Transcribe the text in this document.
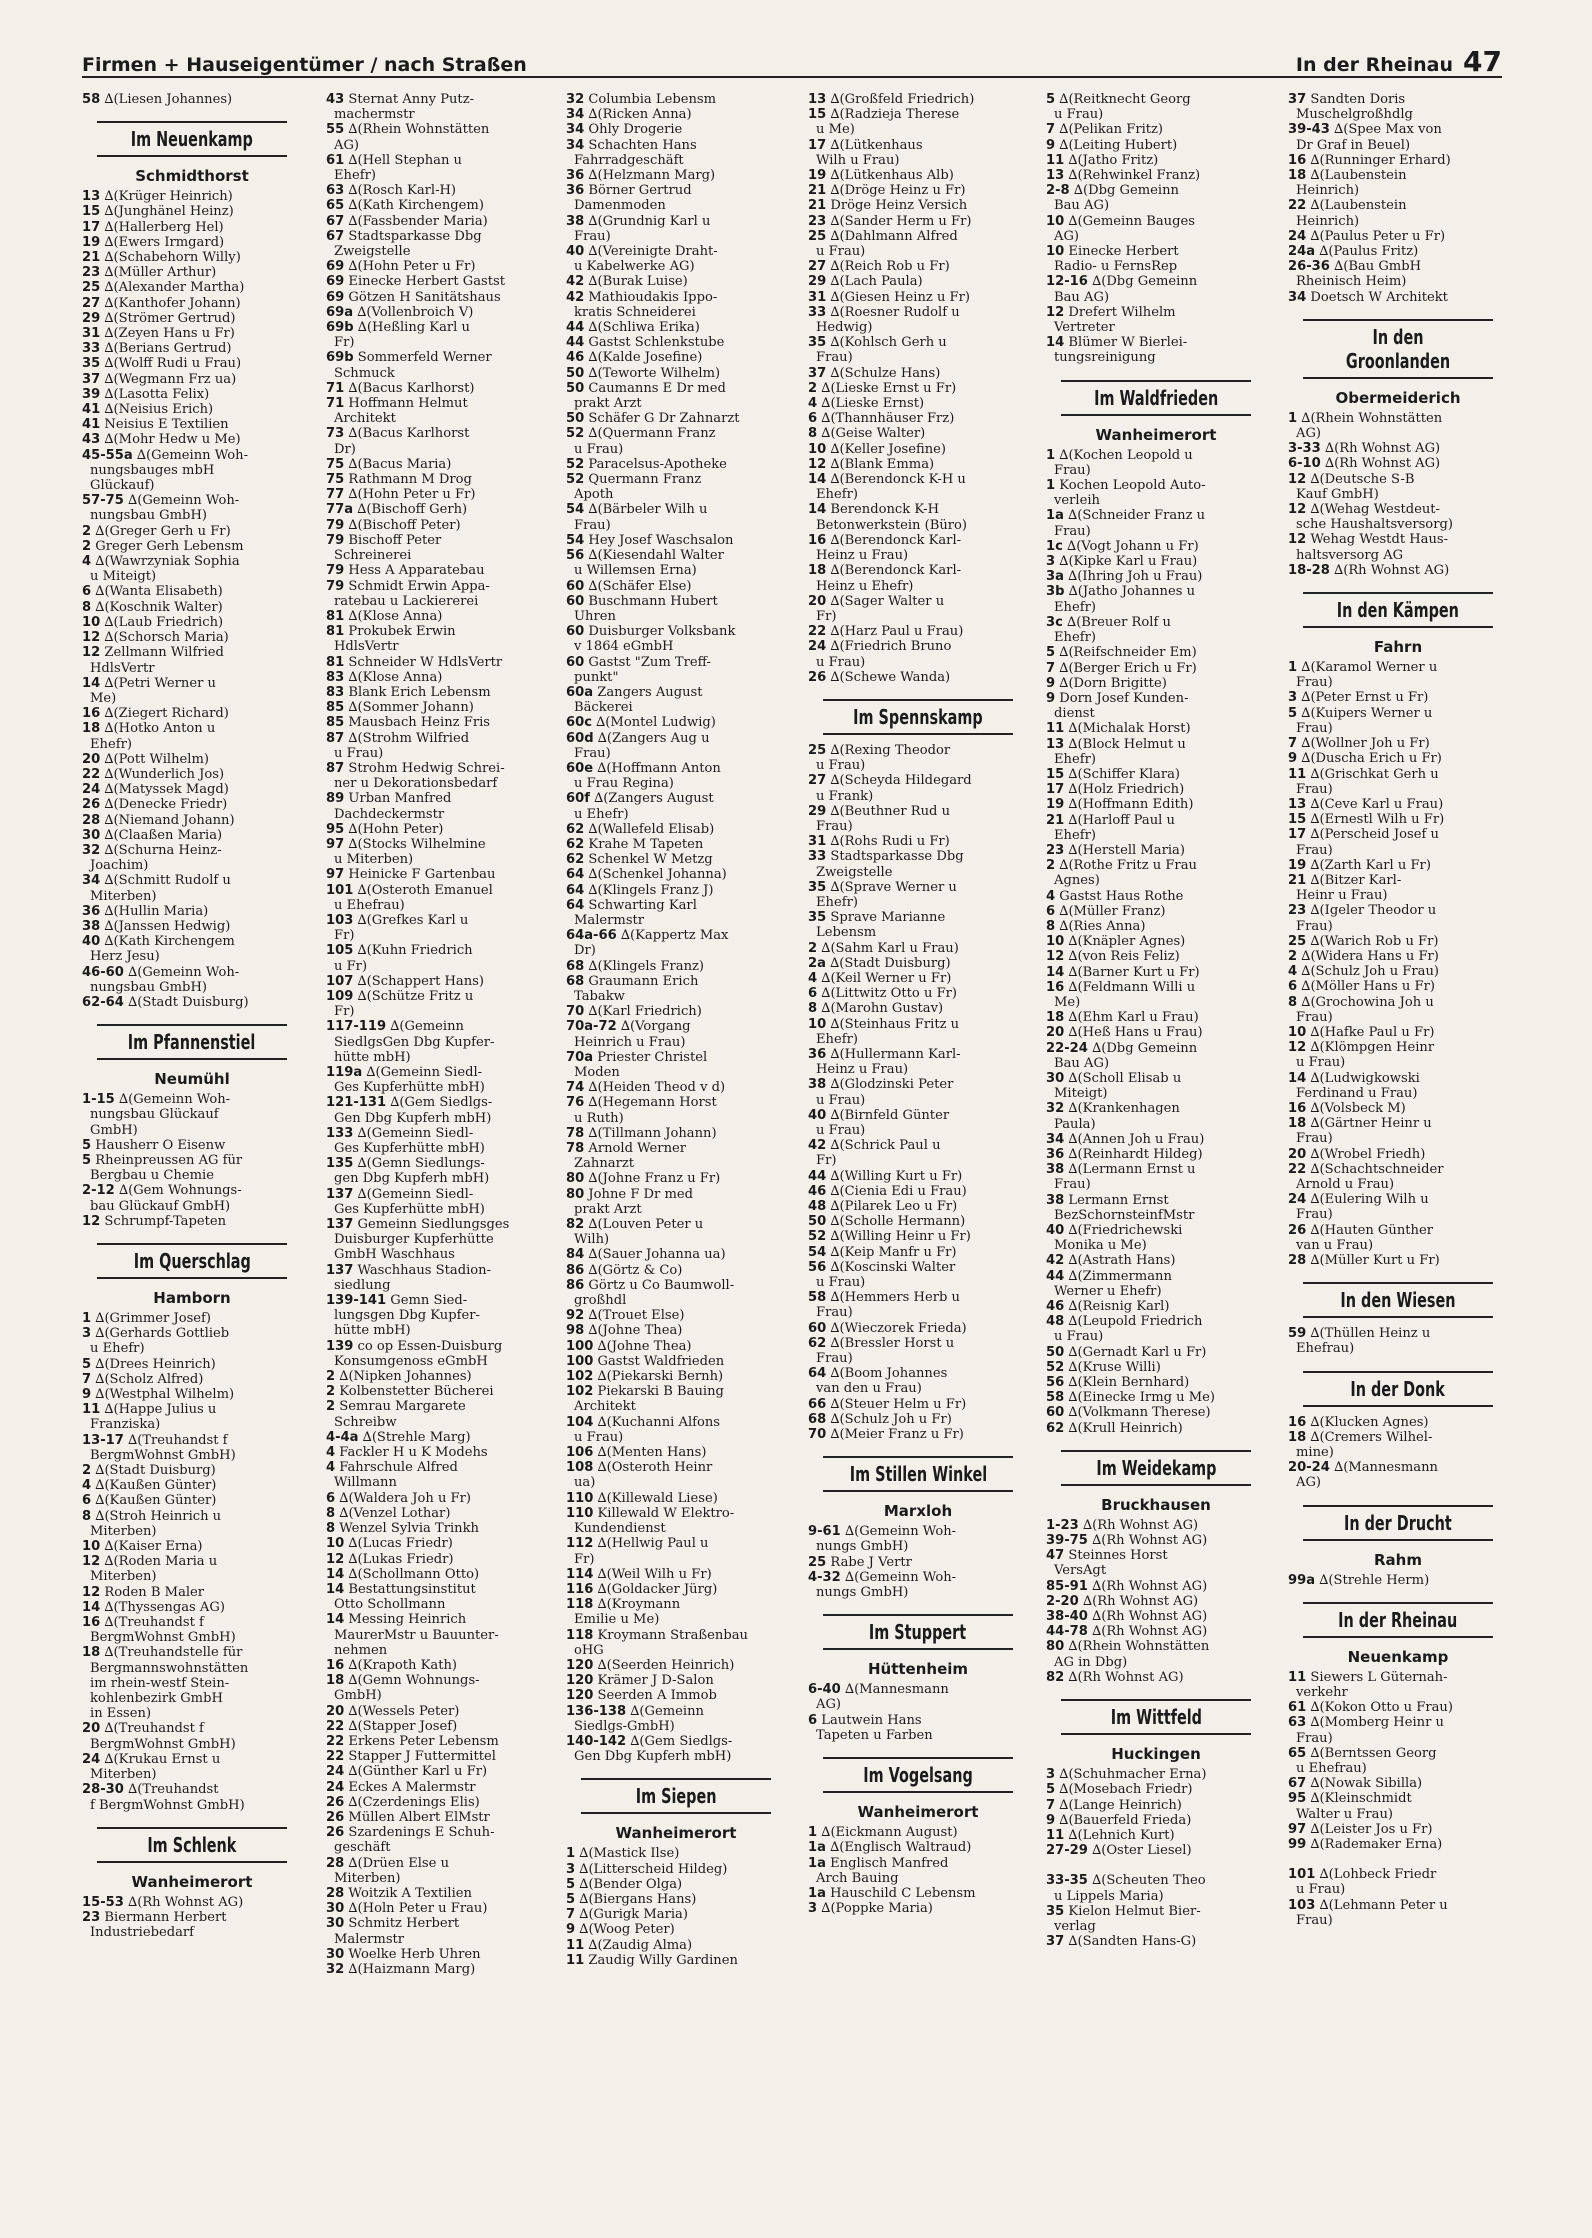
Firmen + Hauseigentümer / nach Straßen	In der Rheinau 47
58 ∆(Liesen Johannes)
Im Neuenkamp
Schmidthorst
13 ∆(Krüger Heinrich)
15 ∆(Junghänel Heinz)
17 ∆(Hallerberg Hel)
19 ∆(Ewers Irmgard)
21 ∆(Schabehorn Willy)
23 ∆(Müller Arthur)
25 ∆(Alexander Martha)
27 ∆(Kanthofer Johann)
29 ∆(Strömer Gertrud)
31 ∆(Zeyen Hans u Fr)
33 ∆(Berians Gertrud)
35 ∆(Wolff Rudi u Frau)
37 ∆(Wegmann Frz ua)
39 ∆(Lasotta Felix)
41 ∆(Neisius Erich)
41 Neisius E Textilien
43 ∆(Mohr Hedw u Me)
45-55a ∆(Gemeinn Woh-
nungsbauges mbH
Glückauf)
57-75 ∆(Gemeinn Woh-
nungsbau GmbH)
2 ∆(Greger Gerh u Fr)
2 Greger Gerh Lebensm
4 ∆(Wawrzyniak Sophia
u Miteigt)
6 ∆(Wanta Elisabeth)
8 ∆(Koschnik Walter)
10 ∆(Laub Friedrich)
12 ∆(Schorsch Maria)
12 Zellmann Wilfried
HdlsVertr
14 ∆(Petri Werner u
Me)
16 ∆(Ziegert Richard)
18 ∆(Hotko Anton u
Ehefr)
20 ∆(Pott Wilhelm)
22 ∆(Wunderlich Jos)
24 ∆(Matyssek Magd)
26 ∆(Denecke Friedr)
28 ∆(Niemand Johann)
30 ∆(Claaßen Maria)
32 ∆(Schurna Heinz-
Joachim)
34 ∆(Schmitt Rudolf u
Miterben)
36 ∆(Hullin Maria)
38 ∆(Janssen Hedwig)
40 ∆(Kath Kirchengem
Herz Jesu)
46-60 ∆(Gemeinn Woh-
nungsbau GmbH)
62-64 ∆(Stadt Duisburg)
Im Pfannenstiel
Neumühl
1-15 ∆(Gemeinn Woh-
nungsbau Glückauf
GmbH)
5 Hausherr O Eisenw
5 Rheinpreussen AG für
Bergbau u Chemie
2-12 ∆(Gem Wohnungs-
bau Glückauf GmbH)
12 Schrumpf-Tapeten
Im Querschlag
Hamborn
1 ∆(Grimmer Josef)
3 ∆(Gerhards Gottlieb
u Ehefr)
5 ∆(Drees Heinrich)
7 ∆(Scholz Alfred)
9 ∆(Westphal Wilhelm)
11 ∆(Happe Julius u
Franziska)
13-17 ∆(Treuhandst f
BergmWohnst GmbH)
2 ∆(Stadt Duisburg)
4 ∆(Kaußen Günter)
6 ∆(Kaußen Günter)
8 ∆(Stroh Heinrich u
Miterben)
10 ∆(Kaiser Erna)
12 ∆(Roden Maria u
Miterben)
12 Roden B Maler
14 ∆(Thyssengas AG)
16 ∆(Treuhandst f
BergmWohnst GmbH)
18 ∆(Treuhandstelle für
Bergmannswohnstätten
im rhein-westf Stein-
kohlenbezirk GmbH
in Essen)
20 ∆(Treuhandst f
BergmWohnst GmbH)
24 ∆(Krukau Ernst u
Miterben)
28-30 ∆(Treuhandst
f BergmWohnst GmbH)
Im Schlenk
Wanheimerort
15-53 ∆(Rh Wohnst AG)
23 Biermann Herbert
Industriebedarf
43 Sternat Anny Putz-
machermstr
55 ∆(Rhein Wohnstätten
AG)
61 ∆(Hell Stephan u
Ehefr)
63 ∆(Rosch Karl-H)
65 ∆(Kath Kirchengem)
67 ∆(Fassbender Maria)
67 Stadtsparkasse Dbg
Zweigstelle
69 ∆(Hohn Peter u Fr)
69 Einecke Herbert Gastst
69 Götzen H Sanitätshaus
69a ∆(Vollenbroich V)
69b ∆(Heßling Karl u
Fr)
69b Sommerfeld Werner
Schmuck
71 ∆(Bacus Karlhorst)
71 Hoffmann Helmut
Architekt
73 ∆(Bacus Karlhorst
Dr)
75 ∆(Bacus Maria)
75 Rathmann M Drog
77 ∆(Hohn Peter u Fr)
77a ∆(Bischoff Gerh)
79 ∆(Bischoff Peter)
79 Bischoff Peter
Schreinerei
79 Hess A Apparatebau
79 Schmidt Erwin Appa-
ratebau u Lackiererei
81 ∆(Klose Anna)
81 Prokubek Erwin
HdlsVertr
81 Schneider W HdlsVertr
83 ∆(Klose Anna)
83 Blank Erich Lebensm
85 ∆(Sommer Johann)
85 Mausbach Heinz Fris
87 ∆(Strohm Wilfried
u Frau)
87 Strohm Hedwig Schrei-
ner u Dekorationsbedarf
89 Urban Manfred
Dachdeckermstr
95 ∆(Hohn Peter)
97 ∆(Stocks Wilhelmine
u Miterben)
97 Heinicke F Gartenbau
101 ∆(Osteroth Emanuel
u Ehefrau)
103 ∆(Grefkes Karl u
Fr)
105 ∆(Kuhn Friedrich
u Fr)
107 ∆(Schappert Hans)
109 ∆(Schütze Fritz u
Fr)
117-119 ∆(Gemeinn
SiedlgsGen Dbg Kupfer-
hütte mbH)
119a ∆(Gemeinn Siedl-
Ges Kupferhütte mbH)
121-131 ∆(Gem Siedlgs-
Gen Dbg Kupferh mbH)
133 ∆(Gemeinn Siedl-
Ges Kupferhütte mbH)
135 ∆(Gemn Siedlungs-
gen Dbg Kupferh mbH)
137 ∆(Gemeinn Siedl-
Ges Kupferhütte mbH)
137 Gemeinn Siedlungsges
Duisburger Kupferhütte
GmbH Waschhaus
137 Waschhaus Stadion-
siedlung
139-141 Gemn Sied-
lungsgen Dbg Kupfer-
hütte mbH)
139 co op Essen-Duisburg
Konsumgenoss eGmbH
2 ∆(Nipken Johannes)
2 Kolbenstetter Bücherei
2 Semrau Margarete
Schreibw
4-4a ∆(Strehle Marg)
4 Fackler H u K Modehs
4 Fahrschule Alfred
Willmann
6 ∆(Waldera Joh u Fr)
8 ∆(Venzel Lothar)
8 Wenzel Sylvia Trinkh
10 ∆(Lucas Friedr)
12 ∆(Lukas Friedr)
14 ∆(Schollmann Otto)
14 Bestattungsinstitut
Otto Schollmann
14 Messing Heinrich
MaurerMstr u Bauunter-
nehmen
16 ∆(Krapoth Kath)
18 ∆(Gemn Wohnungs-
GmbH)
20 ∆(Wessels Peter)
22 ∆(Stapper Josef)
22 Erkens Peter Lebensm
22 Stapper J Futtermittel
24 ∆(Günther Karl u Fr)
24 Eckes A Malermstr
26 ∆(Czerdenings Elis)
26 Müllen Albert ElMstr
26 Szardenings E Schuh-
geschäft
28 ∆(Drüen Else u
Miterben)
28 Woitzik A Textilien
30 ∆(Holn Peter u Frau)
30 Schmitz Herbert
Malermstr
30 Woelke Herb Uhren
32 ∆(Haizmann Marg)
32 Columbia Lebensm
34 ∆(Ricken Anna)
34 Ohly Drogerie
34 Schachten Hans
Fahrradgeschäft
36 ∆(Helzmann Marg)
36 Börner Gertrud
Damenmoden
38 ∆(Grundnig Karl u
Frau)
40 ∆(Vereinigte Draht-
u Kabelwerke AG)
42 ∆(Burak Luise)
42 Mathioudakis Ippo-
kratis Schneiderei
44 ∆(Schliwa Erika)
44 Gastst Schlenkstube
46 ∆(Kalde Josefine)
50 ∆(Teworte Wilhelm)
50 Caumanns E Dr med
prakt Arzt
50 Schäfer G Dr Zahnarzt
52 ∆(Quermann Franz
u Frau)
52 Paracelsus-Apotheke
52 Quermann Franz
Apoth
54 ∆(Bärbeler Wilh u
Frau)
54 Hey Josef Waschsalon
56 ∆(Kiesendahl Walter
u Willemsen Erna)
60 ∆(Schäfer Else)
60 Buschmann Hubert
Uhren
60 Duisburger Volksbank
v 1864 eGmbH
60 Gastst "Zum Treff-
punkt"
60a Zangers August
Bäckerei
60c ∆(Montel Ludwig)
60d ∆(Zangers Aug u
Frau)
60e ∆(Hoffmann Anton
u Frau Regina)
60f ∆(Zangers August
u Ehefr)
62 ∆(Wallefeld Elisab)
62 Krahe M Tapeten
62 Schenkel W Metzg
64 ∆(Schenkel Johanna)
64 ∆(Klingels Franz J)
64 Schwarting Karl
Malermstr
64a-66 ∆(Kappertz Max
Dr)
68 ∆(Klingels Franz)
68 Graumann Erich
Tabakw
70 ∆(Karl Friedrich)
70a-72 ∆(Vorgang
Heinrich u Frau)
70a Priester Christel
Moden
74 ∆(Heiden Theod v d)
76 ∆(Hegemann Horst
u Ruth)
78 ∆(Tillmann Johann)
78 Arnold Werner
Zahnarzt
80 ∆(Johne Franz u Fr)
80 Johne F Dr med
prakt Arzt
82 ∆(Louven Peter u
Wilh)
84 ∆(Sauer Johanna ua)
86 ∆(Görtz & Co)
86 Görtz u Co Baumwoll-
großhdl
92 ∆(Trouet Else)
98 ∆(Johne Thea)
100 ∆(Johne Thea)
100 Gastst Waldfrieden
102 ∆(Piekarski Bernh)
102 Piekarski B Bauing
Architekt
104 ∆(Kuchanni Alfons
u Frau)
106 ∆(Menten Hans)
108 ∆(Osteroth Heinr
ua)
110 ∆(Killewald Liese)
110 Killewald W Elektro-
Kundendienst
112 ∆(Hellwig Paul u
Fr)
114 ∆(Weil Wilh u Fr)
116 ∆(Goldacker Jürg)
118 ∆(Kroymann
Emilie u Me)
118 Kroymann Straßenbau
oHG
120 ∆(Seerden Heinrich)
120 Krämer J D-Salon
120 Seerden A Immob
136-138 ∆(Gemeinn
Siedlgs-GmbH)
140-142 ∆(Gem Siedlgs-
Gen Dbg Kupferh mbH)
Im Siepen
Wanheimerort
1 ∆(Mastick Ilse)
3 ∆(Litterscheid Hildeg)
5 ∆(Bender Olga)
5 ∆(Biergans Hans)
7 ∆(Gurigk Maria)
9 ∆(Woog Peter)
11 ∆(Zaudig Alma)
11 Zaudig Willy Gardinen
13 ∆(Großfeld Friedrich)
15 ∆(Radzieja Therese
u Me)
17 ∆(Lütkenhaus
Wilh u Frau)
19 ∆(Lütkenhaus Alb)
21 ∆(Dröge Heinz u Fr)
21 Dröge Heinz Versich
23 ∆(Sander Herm u Fr)
25 ∆(Dahlmann Alfred
u Frau)
27 ∆(Reich Rob u Fr)
29 ∆(Lach Paula)
31 ∆(Giesen Heinz u Fr)
33 ∆(Roesner Rudolf u
Hedwig)
35 ∆(Kohlsch Gerh u
Frau)
37 ∆(Schulze Hans)
2 ∆(Lieske Ernst u Fr)
4 ∆(Lieske Ernst)
6 ∆(Thannhäuser Frz)
8 ∆(Geise Walter)
10 ∆(Keller Josefine)
12 ∆(Blank Emma)
14 ∆(Berendonck K-H u
Ehefr)
14 Berendonck K-H
Betonwerkstein (Büro)
16 ∆(Berendonck Karl-
Heinz u Frau)
18 ∆(Berendonck Karl-
Heinz u Ehefr)
20 ∆(Sager Walter u
Fr)
22 ∆(Harz Paul u Frau)
24 ∆(Friedrich Bruno
u Frau)
26 ∆(Schewe Wanda)
Im Spennskamp
25 ∆(Rexing Theodor
u Frau)
27 ∆(Scheyda Hildegard
u Frank)
29 ∆(Beuthner Rud u
Frau)
31 ∆(Rohs Rudi u Fr)
33 Stadtsparkasse Dbg
Zweigstelle
35 ∆(Sprave Werner u
Ehefr)
35 Sprave Marianne
Lebensm
2 ∆(Sahm Karl u Frau)
2a ∆(Stadt Duisburg)
4 ∆(Keil Werner u Fr)
6 ∆(Littwitz Otto u Fr)
8 ∆(Marohn Gustav)
10 ∆(Steinhaus Fritz u
Ehefr)
36 ∆(Hullermann Karl-
Heinz u Frau)
38 ∆(Glodzinski Peter
u Frau)
40 ∆(Birnfeld Günter
u Frau)
42 ∆(Schrick Paul u
Fr)
44 ∆(Willing Kurt u Fr)
46 ∆(Cienia Edi u Frau)
48 ∆(Pilarek Leo u Fr)
50 ∆(Scholle Hermann)
52 ∆(Willing Heinr u Fr)
54 ∆(Keip Manfr u Fr)
56 ∆(Koscinski Walter
u Frau)
58 ∆(Hemmers Herb u
Frau)
60 ∆(Wieczorek Frieda)
62 ∆(Bressler Horst u
Frau)
64 ∆(Boom Johannes
van den u Frau)
66 ∆(Steuer Helm u Fr)
68 ∆(Schulz Joh u Fr)
70 ∆(Meier Franz u Fr)
Im Stillen Winkel
Marxloh
9-61 ∆(Gemeinn Woh-
nungs GmbH)
25 Rabe J Vertr
4-32 ∆(Gemeinn Woh-
nungs GmbH)
Im Stuppert
Hüttenheim
6-40 ∆(Mannesmann
AG)
6 Lautwein Hans
Tapeten u Farben
Im Vogelsang
Wanheimerort
1 ∆(Eickmann August)
1a ∆(Englisch Waltraud)
1a Englisch Manfred
Arch Bauing
1a Hauschild C Lebensm
3 ∆(Poppke Maria)
5 ∆(Reitknecht Georg
u Frau)
7 ∆(Pelikan Fritz)
9 ∆(Leiting Hubert)
11 ∆(Jatho Fritz)
13 ∆(Rehwinkel Franz)
2-8 ∆(Dbg Gemeinn
Bau AG)
10 ∆(Gemeinn Bauges
AG)
10 Einecke Herbert
Radio- u FernsRep
12-16 ∆(Dbg Gemeinn
Bau AG)
12 Drefert Wilhelm
Vertreter
14 Blümer W Bierlei-
tungsreinigung
Im Waldfrieden
Wanheimerort
1 ∆(Kochen Leopold u
Frau)
1 Kochen Leopold Auto-
verleih
1a ∆(Schneider Franz u
Frau)
1c ∆(Vogt Johann u Fr)
3 ∆(Kipke Karl u Frau)
3a ∆(Ihring Joh u Frau)
3b ∆(Jatho Johannes u
Ehefr)
3c ∆(Breuer Rolf u
Ehefr)
5 ∆(Reifschneider Em)
7 ∆(Berger Erich u Fr)
9 ∆(Dorn Brigitte)
9 Dorn Josef Kunden-
dienst
11 ∆(Michalak Horst)
13 ∆(Block Helmut u
Ehefr)
15 ∆(Schiffer Klara)
17 ∆(Holz Friedrich)
19 ∆(Hoffmann Edith)
21 ∆(Harloff Paul u
Ehefr)
23 ∆(Herstell Maria)
2 ∆(Rothe Fritz u Frau
Agnes)
4 Gastst Haus Rothe
6 ∆(Müller Franz)
8 ∆(Ries Anna)
10 ∆(Knäpler Agnes)
12 ∆(von Reis Feliz)
14 ∆(Barner Kurt u Fr)
16 ∆(Feldmann Willi u
Me)
18 ∆(Ehm Karl u Frau)
20 ∆(Heß Hans u Frau)
22-24 ∆(Dbg Gemeinn
Bau AG)
30 ∆(Scholl Elisab u
Miteigt)
32 ∆(Krankenhagen
Paula)
34 ∆(Annen Joh u Frau)
36 ∆(Reinhardt Hildeg)
38 ∆(Lermann Ernst u
Frau)
38 Lermann Ernst
BezSchornsteinfMstr
40 ∆(Friedrichewski
Monika u Me)
42 ∆(Astrath Hans)
44 ∆(Zimmermann
Werner u Ehefr)
46 ∆(Reisnig Karl)
48 ∆(Leupold Friedrich
u Frau)
50 ∆(Gernadt Karl u Fr)
52 ∆(Kruse Willi)
56 ∆(Klein Bernhard)
58 ∆(Einecke Irmg u Me)
60 ∆(Volkmann Therese)
62 ∆(Krull Heinrich)
Im Weidekamp
Bruckhausen
1-23 ∆(Rh Wohnst AG)
39-75 ∆(Rh Wohnst AG)
47 Steinnes Horst
VersAgt
85-91 ∆(Rh Wohnst AG)
2-20 ∆(Rh Wohnst AG)
38-40 ∆(Rh Wohnst AG)
44-78 ∆(Rh Wohnst AG)
80 ∆(Rhein Wohnstätten
AG in Dbg)
82 ∆(Rh Wohnst AG)
Im Wittfeld
Huckingen
3 ∆(Schuhmacher Erna)
5 ∆(Mosebach Friedr)
7 ∆(Lange Heinrich)
9 ∆(Bauerfeld Frieda)
11 ∆(Lehnich Kurt)
27-29 ∆(Oster Liesel)
33-35 ∆(Scheuten Theo
u Lippels Maria)
35 Kielon Helmut Bier-
verlag
37 ∆(Sandten Hans-G)
37 Sandten Doris
Muschelgroßhdlg
39-43 ∆(Spee Max von
Dr Graf in Beuel)
16 ∆(Runninger Erhard)
18 ∆(Laubenstein
Heinrich)
22 ∆(Laubenstein
Heinrich)
24 ∆(Paulus Peter u Fr)
24a ∆(Paulus Fritz)
26-36 ∆(Bau GmbH
Rheinisch Heim)
34 Doetsch W Architekt
In den Groonlanden
Obermeiderich
1 ∆(Rhein Wohnstätten
AG)
3-33 ∆(Rh Wohnst AG)
6-10 ∆(Rh Wohnst AG)
12 ∆(Deutsche S-B
Kauf GmbH)
12 ∆(Wehag Westdeut-
sche Haushaltsversorg)
12 Wehag Westdt Haus-
haltsversorg AG
18-28 ∆(Rh Wohnst AG)
In den Kämpen
Fahrn
1 ∆(Karamol Werner u
Frau)
3 ∆(Peter Ernst u Fr)
5 ∆(Kuipers Werner u
Frau)
7 ∆(Wollner Joh u Fr)
9 ∆(Duscha Erich u Fr)
11 ∆(Grischkat Gerh u
Frau)
13 ∆(Ceve Karl u Frau)
15 ∆(Ernestl Wilh u Fr)
17 ∆(Perscheid Josef u
Frau)
19 ∆(Zarth Karl u Fr)
21 ∆(Bitzer Karl-
Heinr u Frau)
23 ∆(Igeler Theodor u
Frau)
25 ∆(Warich Rob u Fr)
2 ∆(Widera Hans u Fr)
4 ∆(Schulz Joh u Frau)
6 ∆(Möller Hans u Fr)
8 ∆(Grochowina Joh u
Frau)
10 ∆(Hafke Paul u Fr)
12 ∆(Klömpgen Heinr
u Frau)
14 ∆(Ludwigkowski
Ferdinand u Frau)
16 ∆(Volsbeck M)
18 ∆(Gärtner Heinr u
Frau)
20 ∆(Wrobel Friedh)
22 ∆(Schachtschneider
Arnold u Frau)
24 ∆(Eulering Wilh u
Frau)
26 ∆(Hauten Günther
van u Frau)
28 ∆(Müller Kurt u Fr)
In den Wiesen
59 ∆(Thüllen Heinz u
Ehefrau)
In der Donk
16 ∆(Klucken Agnes)
18 ∆(Cremers Wilhel-
mine)
20-24 ∆(Mannesmann
AG)
In der Drucht
Rahm
99a ∆(Strehle Herm)
In der Rheinau
Neuenkamp
11 Siewers L Güternah-
verkehr
61 ∆(Kokon Otto u Frau)
63 ∆(Momberg Heinr u
Frau)
65 ∆(Berntssen Georg
u Ehefrau)
67 ∆(Nowak Sibilla)
95 ∆(Kleinschmidt
Walter u Frau)
97 ∆(Leister Jos u Fr)
99 ∆(Rademaker Erna)
101 ∆(Lohbeck Friedr
u Frau)
103 ∆(Lehmann Peter u
Frau)
